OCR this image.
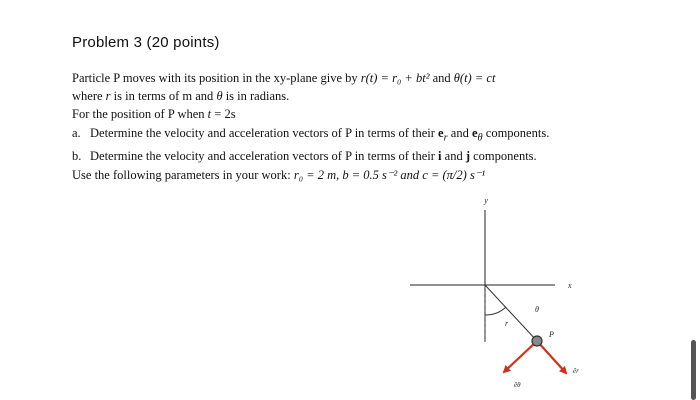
Problem 3 (20 points)
Particle P moves with its position in the xy-plane give by r(t) = r₀ + bt² and θ(t) = ct
where r is in terms of m and θ is in radians.
For the position of P when t = 2s
a. Determine the velocity and acceleration vectors of P in terms of their $e_r$ and $e_\theta$ components.
b. Determine the velocity and acceleration vectors of P in terms of their i and j components.
Use the following parameters in your work: r₀ = 2 m, b = 0.5 s⁻² and c = (π/2) s⁻¹
y
x
r
θ
P
êθ
êr
